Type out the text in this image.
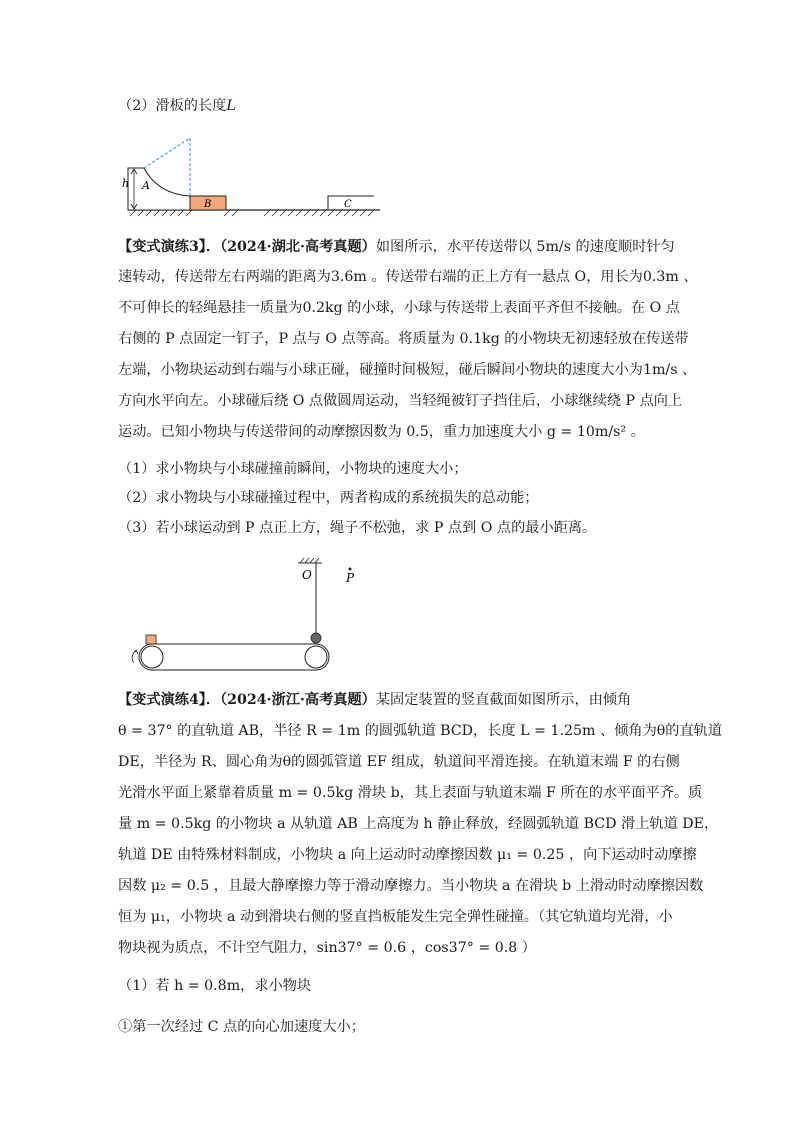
（2）滑板的长度L
h A
B	C
【变式演练3】．（2024·湖北·高考真题）如图所示，水平传送带以 5m/s 的速度顺时针匀
速转动，传送带左右两端的距离为3.6m 。传送带右端的正上方有一悬点 O，用长为0.3m 、
不可伸长的轻绳悬挂一质量为0.2kg 的小球，小球与传送带上表面平齐但不接触。在 O 点
右侧的 P 点固定一钉子，P 点与 O 点等高。将质量为 0.1kg 的小物块无初速轻放在传送带
左端，小物块运动到右端与小球正碰，碰撞时间极短，碰后瞬间小物块的速度大小为1m/s 、
方向水平向左。小球碰后绕 O 点做圆周运动，当轻绳被钉子挡住后，小球继续绕 P 点向上
运动。已知小物块与传送带间的动摩擦因数为 0.5，重力加速度大小 g = 10m/s² 。
（1）求小物块与小球碰撞前瞬间，小物块的速度大小；
（2）求小物块与小球碰撞过程中，两者构成的系统损失的总动能；
（3）若小球运动到 P 点正上方，绳子不松弛，求 P 点到 O 点的最小距离。
O	P
【变式演练4】．（2024·浙江·高考真题）某固定装置的竖直截面如图所示，由倾角
θ = 37° 的直轨道 AB，半径 R = 1m 的圆弧轨道 BCD，长度 L = 1.25m 、倾角为θ的直轨道
DE，半径为 R、圆心角为θ的圆弧管道 EF 组成，轨道间平滑连接。在轨道末端 F 的右侧
光滑水平面上紧靠着质量 m = 0.5kg 滑块 b，其上表面与轨道末端 F 所在的水平面平齐。质
量 m = 0.5kg 的小物块 a 从轨道 AB 上高度为 h 静止释放，经圆弧轨道 BCD 滑上轨道 DE，
轨道 DE 由特殊材料制成，小物块 a 向上运动时动摩擦因数 μ₁ = 0.25 ，向下运动时动摩擦
因数 μ₂ = 0.5 ，且最大静摩擦力等于滑动摩擦力。当小物块 a 在滑块 b 上滑动时动摩擦因数
恒为 μ₁，小物块 a 动到滑块右侧的竖直挡板能发生完全弹性碰撞。（其它轨道均光滑，小
物块视为质点，不计空气阻力，sin37° = 0.6 ，cos37° = 0.8 ）
（1）若 h = 0.8m，求小物块
①第一次经过 C 点的向心加速度大小；
